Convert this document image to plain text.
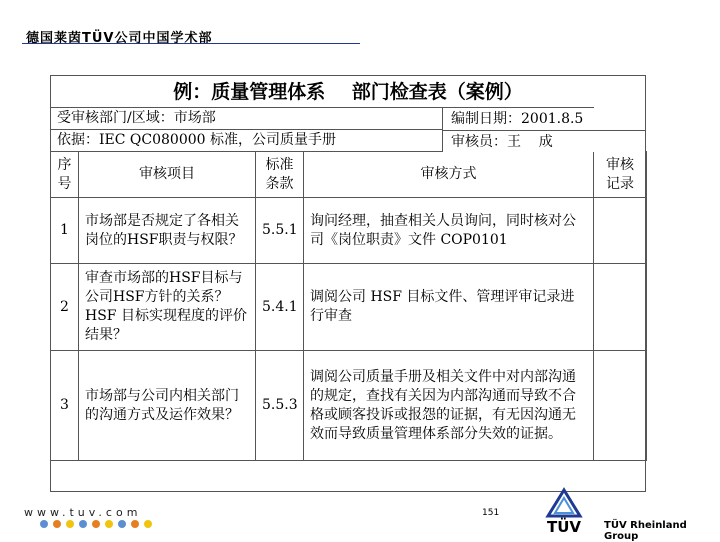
德国莱茵TÜV公司中国学术部
例：质量管理体系    部门检查表（案例）
受审核部门/区域：市场部			
依据：IEC QC080000 标准，公司质量手册				
序号	审核项目	标准条款	审核方式	审核记录
1	市场部是否规定了各相关岗位的HSF职责与权限？	5.5.1	询问经理，抽查相关人员询问，同时核对公司《岗位职责》文件 COP0101	
2	审查市场部的HSF目标与公司HSF方针的关系？HSF 目标实现程度的评价结果？	5.4.1	调阅公司 HSF 目标文件、管理评审记录进行审查	
3	市场部与公司内相关部门的沟通方式及运作效果？	5.5.3	调阅公司质量手册及相关文件中对内部沟通的规定，查找有关因为内部沟通而导致不合格或顾客投诉或报怨的证据，有无因沟通无效而导致质量管理体系部分失效的证据。	
编制日期：2001.8.5
审核员：王    成
www.tuv.com	151
TÜV	TÜV Rheinland Group
